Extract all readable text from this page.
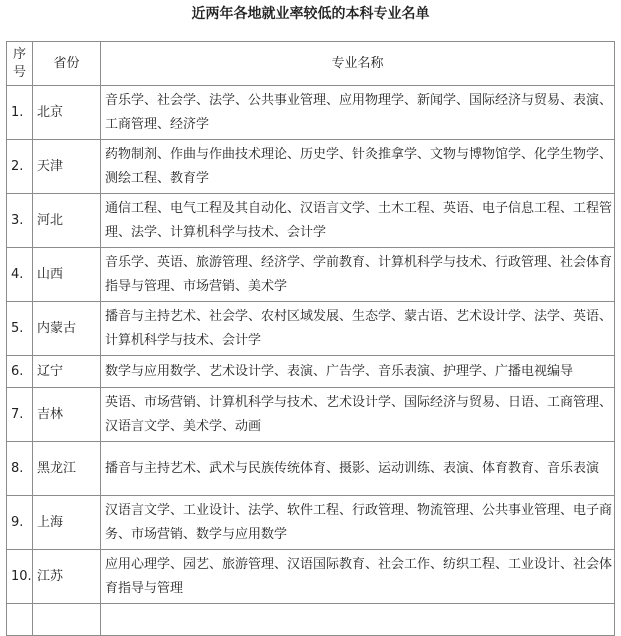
近两年各地就业率较低的本科专业名单
序号	省份	专业名称
1.	北京	音乐学、社会学、法学、公共事业管理、应用物理学、新闻学、国际经济与贸易、表演、工商管理、经济学
2.	天津	药物制剂、作曲与作曲技术理论、历史学、针灸推拿学、文物与博物馆学、化学生物学、测绘工程、教育学
3.	河北	通信工程、电气工程及其自动化、汉语言文学、土木工程、英语、电子信息工程、工程管理、法学、计算机科学与技术、会计学
4.	山西	音乐学、英语、旅游管理、经济学、学前教育、计算机科学与技术、行政管理、社会体育指导与管理、市场营销、美术学
5.	内蒙古	播音与主持艺术、社会学、农村区域发展、生态学、蒙古语、艺术设计学、法学、英语、计算机科学与技术、会计学
6.	辽宁	数学与应用数学、艺术设计学、表演、广告学、音乐表演、护理学、广播电视编导
7.	吉林	英语、市场营销、计算机科学与技术、艺术设计学、国际经济与贸易、日语、工商管理、汉语言文学、美术学、动画
8.	黑龙江	播音与主持艺术、武术与民族传统体育、摄影、运动训练、表演、体育教育、音乐表演
9.	上海	汉语言文学、工业设计、法学、软件工程、行政管理、物流管理、公共事业管理、电子商务、市场营销、数学与应用数学
10.	江苏	应用心理学、园艺、旅游管理、汉语国际教育、社会工作、纺织工程、工业设计、社会体育指导与管理
